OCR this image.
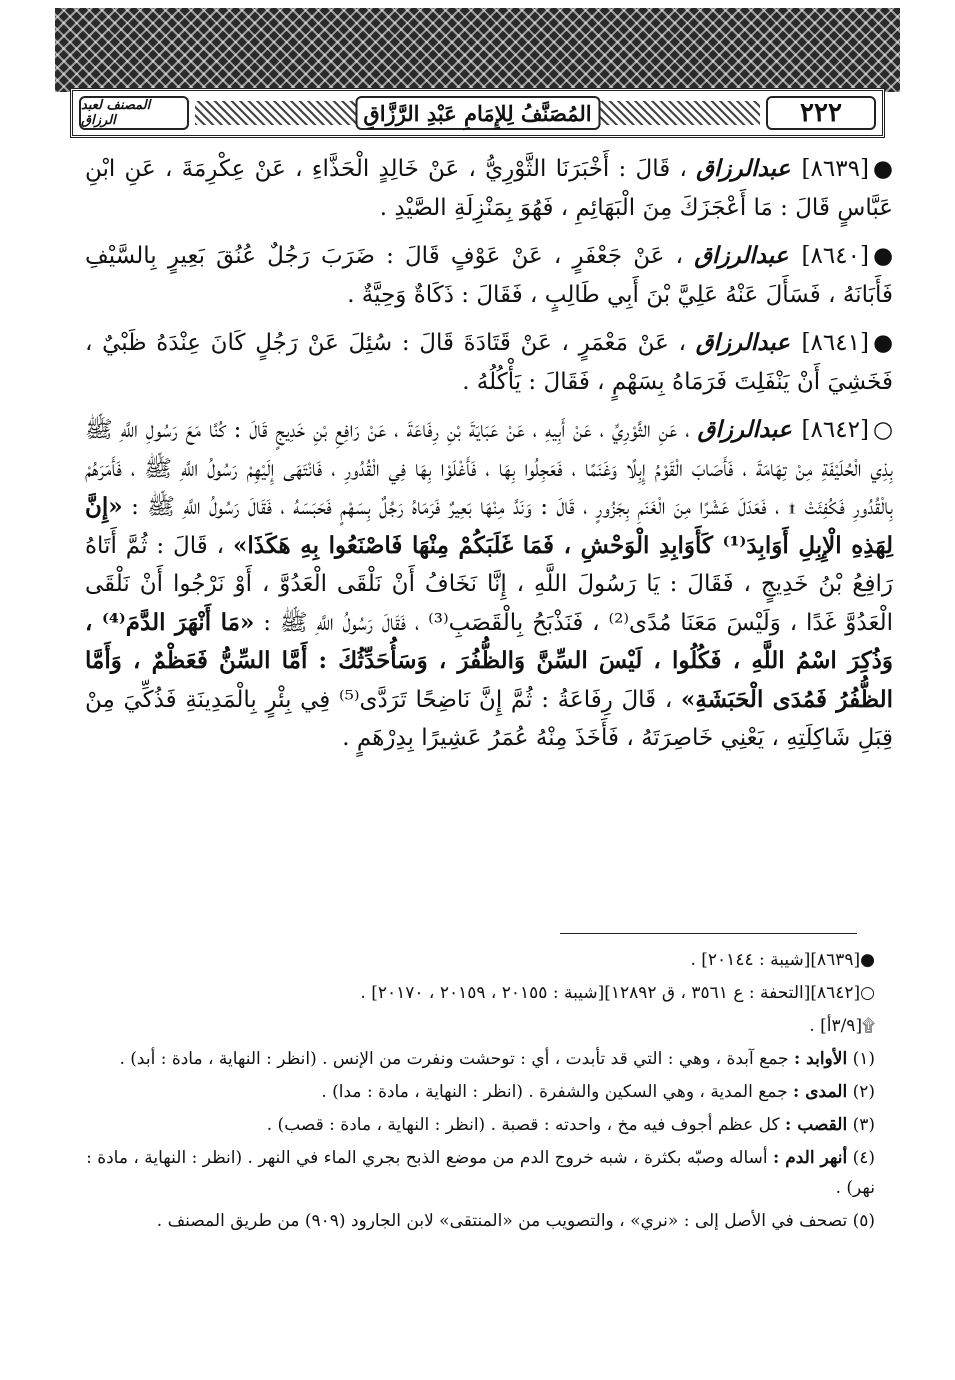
٢٢٢
المُصَنَّفُ لِلإِمَامِ عَبْدِ الرَّزَّاقِ
المصنف لعبد الرزاق

●[٨٦٣٩] عبدالرزاق ، قَالَ : أَخْبَرَنَا الثَّوْرِيُّ ، عَنْ خَالِدٍ الْحَذَّاءِ ، عَنْ عِكْرِمَةَ ، عَنِ ابْنِ عَبَّاسٍ قَالَ : مَا أَعْجَزَكَ مِنَ الْبَهَائِمِ ، فَهُوَ بِمَنْزِلَةِ الصَّيْدِ .

●[٨٦٤٠] عبدالرزاق ، عَنْ جَعْفَرٍ ، عَنْ عَوْفٍ قَالَ : ضَرَبَ رَجُلٌ عُنُقَ بَعِيرٍ بِالسَّيْفِ فَأَبَانَهُ ، فَسَأَلَ عَنْهُ عَلِيَّ بْنَ أَبِي طَالِبٍ ، فَقَالَ : ذَكَاةٌ وَحِيَّةٌ .

●[٨٦٤١] عبدالرزاق ، عَنْ مَعْمَرٍ ، عَنْ قَتَادَةَ قَالَ : سُئِلَ عَنْ رَجُلٍ كَانَ عِنْدَهُ ظَبْيٌ ، فَخَشِيَ أَنْ يَنْفَلِتَ فَرَمَاهُ بِسَهْمٍ ، فَقَالَ : يَأْكُلُهُ .

○[٨٦٤٢] عبدالرزاق ، عَنِ الثَّوْرِيِّ ، عَنْ أَبِيهِ ، عَنْ عَبَايَةَ بْنِ رِفَاعَةَ ، عَنْ رَافِعِ بْنِ خَدِيجٍ قَالَ : كُنَّا مَعَ رَسُولِ اللَّهِ ﷺ بِذِي الْحُلَيْفَةِ مِنْ تِهَامَةَ ، فَأَصَابَ الْقَوْمُ إِبِلًا وَغَنَمًا ، فَعَجِلُوا بِهَا ، فَأَغْلَوْا بِهَا فِي الْقُدُورِ ، فَانْتَهَى إِلَيْهِمْ رَسُولُ اللَّهِ ﷺ ، فَأَمَرَهُمْ بِالْقُدُورِ فَكُفِئَتْ ۩ ، فَعَدَلَ عَشْرًا مِنَ الْغَنَمِ بِجَزُورٍ ، قَالَ : وَنَدَّ مِنْهَا بَعِيرٌ فَرَمَاهُ رَجُلٌ بِسَهْمٍ فَحَبَسَهُ ، فَقَالَ رَسُولُ اللَّهِ ﷺ : «إِنَّ لِهَذِهِ الْإِبِلِ أَوَابِدَ⁽¹⁾ كَأَوَابِدِ الْوَحْشِ ، فَمَا غَلَبَكُمْ مِنْهَا فَاصْنَعُوا بِهِ هَكَذَا» ، قَالَ : ثُمَّ أَتَاهُ رَافِعُ بْنُ خَدِيجٍ ، فَقَالَ : يَا رَسُولَ اللَّهِ ، إِنَّا نَخَافُ أَنْ نَلْقَى الْعَدُوَّ ، أَوْ نَرْجُوا أَنْ نَلْقَى الْعَدُوَّ غَدًا ، وَلَيْسَ مَعَنَا مُدًى⁽²⁾ ، فَنَذْبَحُ بِالْقَصَبِ⁽³⁾ ، فَقَالَ رَسُولُ اللَّهِ ﷺ : «مَا أَنْهَرَ الدَّمَ⁽⁴⁾ ، وَذُكِرَ اسْمُ اللَّهِ ، فَكُلُوا ، لَيْسَ السِّنَّ وَالظُّفُرَ ، وَسَأُحَدِّثُكَ : أَمَّا السِّنُّ فَعَظْمٌ ، وَأَمَّا الظُّفُرُ فَمُدَى الْحَبَشَةِ» ، قَالَ رِفَاعَةُ : ثُمَّ إِنَّ نَاضِحًا تَرَدَّى⁽⁵⁾ فِي بِئْرٍ بِالْمَدِينَةِ فَذُكِّيَ مِنْ قِبَلِ شَاكِلَتِهِ ، يَعْنِي خَاصِرَتَهُ ، فَأَخَذَ مِنْهُ عُمَرُ عَشِيرًا بِدِرْهَمٍ .

●[٨٦٣٩][شيبة : ٢٠١٤٤] .

○[٨٦٤٢][التحفة : ع ٣٥٦١ ، ق ١٢٨٩٢][شيبة : ٢٠١٥٥ ، ٢٠١٥٩ ، ٢٠١٧٠] .

۩[٣/٩أ] .

(١) الأوابد : جمع آبدة ، وهي : التي قد تأبدت ، أي : توحشت ونفرت من الإنس . (انظر : النهاية ، مادة : أبد) .

(٢) المدى : جمع المدية ، وهي السكين والشفرة . (انظر : النهاية ، مادة : مدا) .

(٣) القصب : كل عظم أجوف فيه مخ ، واحدته : قصبة . (انظر : النهاية ، مادة : قصب) .

(٤) أنهر الدم : أساله وصبّه بكثرة ، شبه خروج الدم من موضع الذبح بجري الماء في النهر . (انظر : النهاية ، مادة : نهر) .

(٥) تصحف في الأصل إلى : «نري» ، والتصويب من «المنتقى» لابن الجارود (٩٠٩) من طريق المصنف .
